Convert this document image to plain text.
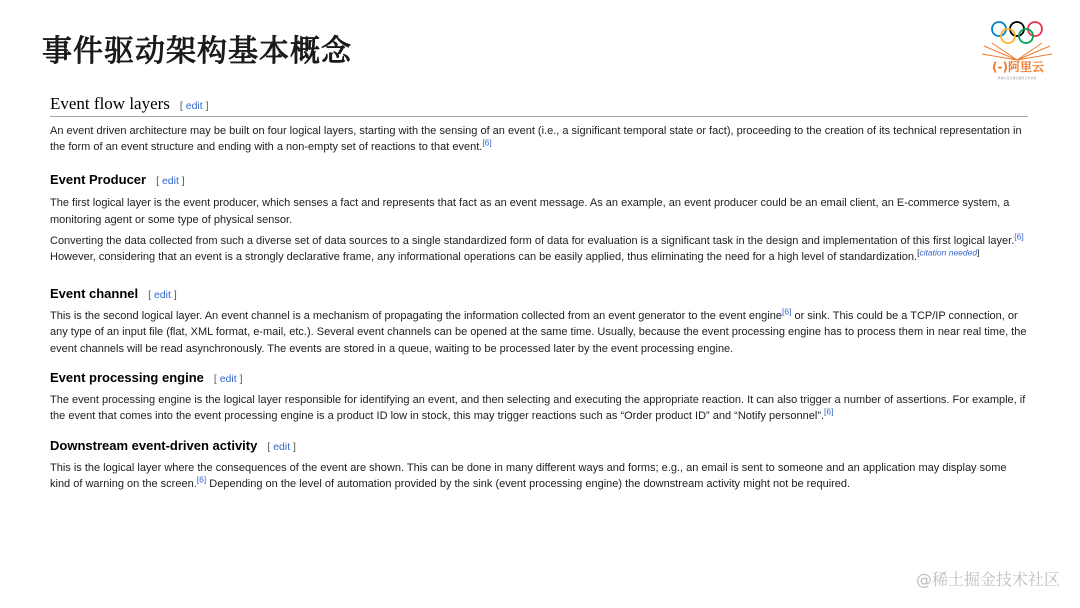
事件驱动架构基本概念	(-)阿里云
奥林匹克全球云服务合作伙伴
Event flow layers [ edit ]

An event driven architecture may be built on four logical layers, starting with the sensing of an event (i.e., a significant temporal state or fact), proceeding to the creation of its technical representation in the form of an event structure and ending with a non-empty set of reactions to that event.[6]

Event Producer [ edit ]

The first logical layer is the event producer, which senses a fact and represents that fact as an event message. As an example, an event producer could be an email client, an E-commerce system, a monitoring agent or some type of physical sensor.

Converting the data collected from such a diverse set of data sources to a single standardized form of data for evaluation is a significant task in the design and implementation of this first logical layer.[6] However, considering that an event is a strongly declarative frame, any informational operations can be easily applied, thus eliminating the need for a high level of standardization.[citation needed]

Event channel [ edit ]

This is the second logical layer. An event channel is a mechanism of propagating the information collected from an event generator to the event engine[6] or sink. This could be a TCP/IP connection, or any type of an input file (flat, XML format, e-mail, etc.). Several event channels can be opened at the same time. Usually, because the event processing engine has to process them in near real time, the event channels will be read asynchronously. The events are stored in a queue, waiting to be processed later by the event processing engine.

Event processing engine [ edit ]

The event processing engine is the logical layer responsible for identifying an event, and then selecting and executing the appropriate reaction. It can also trigger a number of assertions. For example, if the event that comes into the event processing engine is a product ID low in stock, this may trigger reactions such as “Order product ID” and “Notify personnel”.[6]

Downstream event-driven activity [ edit ]

This is the logical layer where the consequences of the event are shown. This can be done in many different ways and forms; e.g., an email is sent to someone and an application may display some kind of warning on the screen.[6] Depending on the level of automation provided by the sink (event processing engine) the downstream activity might not be required.

@稀土掘金技术社区
